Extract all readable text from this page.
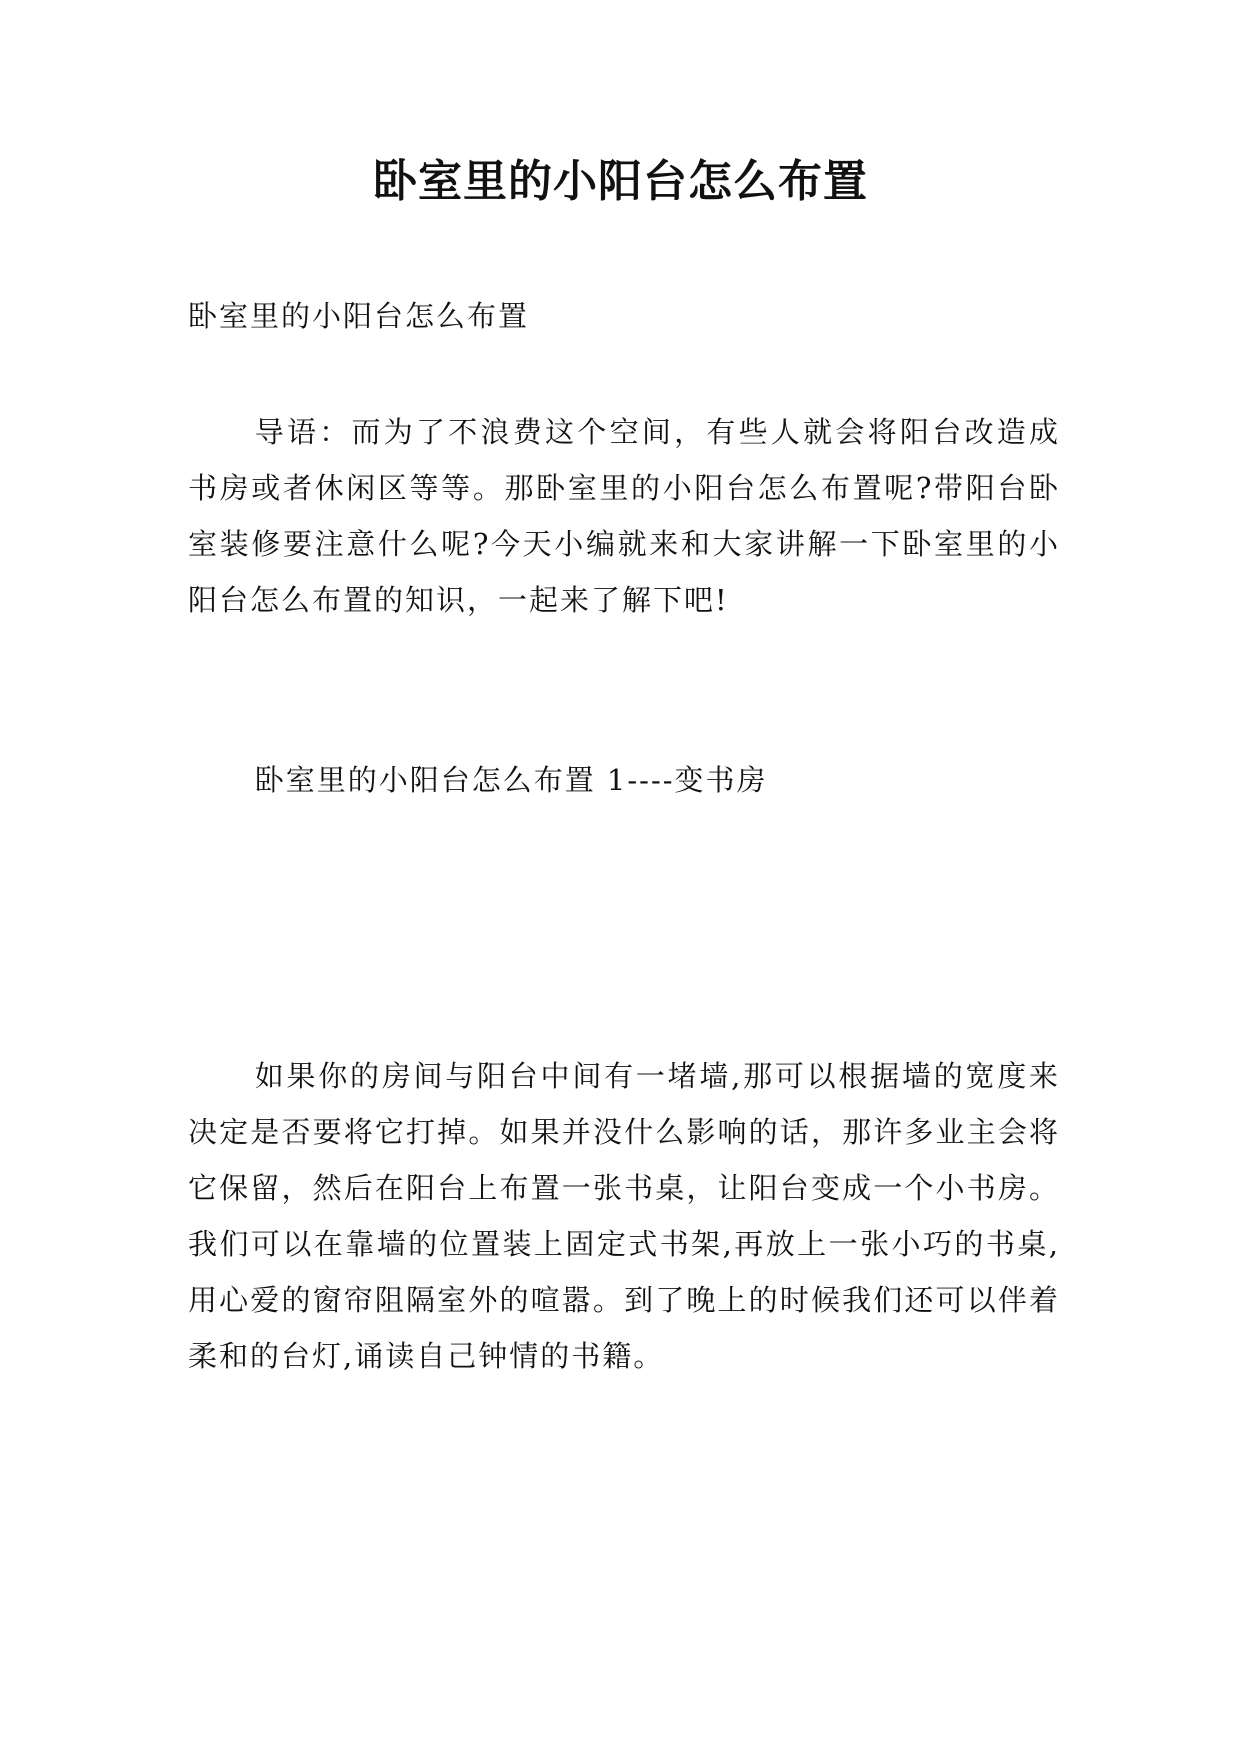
卧室里的小阳台怎么布置
卧室里的小阳台怎么布置
导语：而为了不浪费这个空间，有些人就会将阳台改造成书房或者休闲区等等。那卧室里的小阳台怎么布置呢?带阳台卧室装修要注意什么呢?今天小编就来和大家讲解一下卧室里的小阳台怎么布置的知识，一起来了解下吧!
卧室里的小阳台怎么布置 1----变书房
如果你的房间与阳台中间有一堵墙,那可以根据墙的宽度来决定是否要将它打掉。如果并没什么影响的话，那许多业主会将它保留，然后在阳台上布置一张书桌，让阳台变成一个小书房。我们可以在靠墙的位置装上固定式书架,再放上一张小巧的书桌,用心爱的窗帘阻隔室外的喧嚣。到了晚上的时候我们还可以伴着柔和的台灯,诵读自己钟情的书籍。
